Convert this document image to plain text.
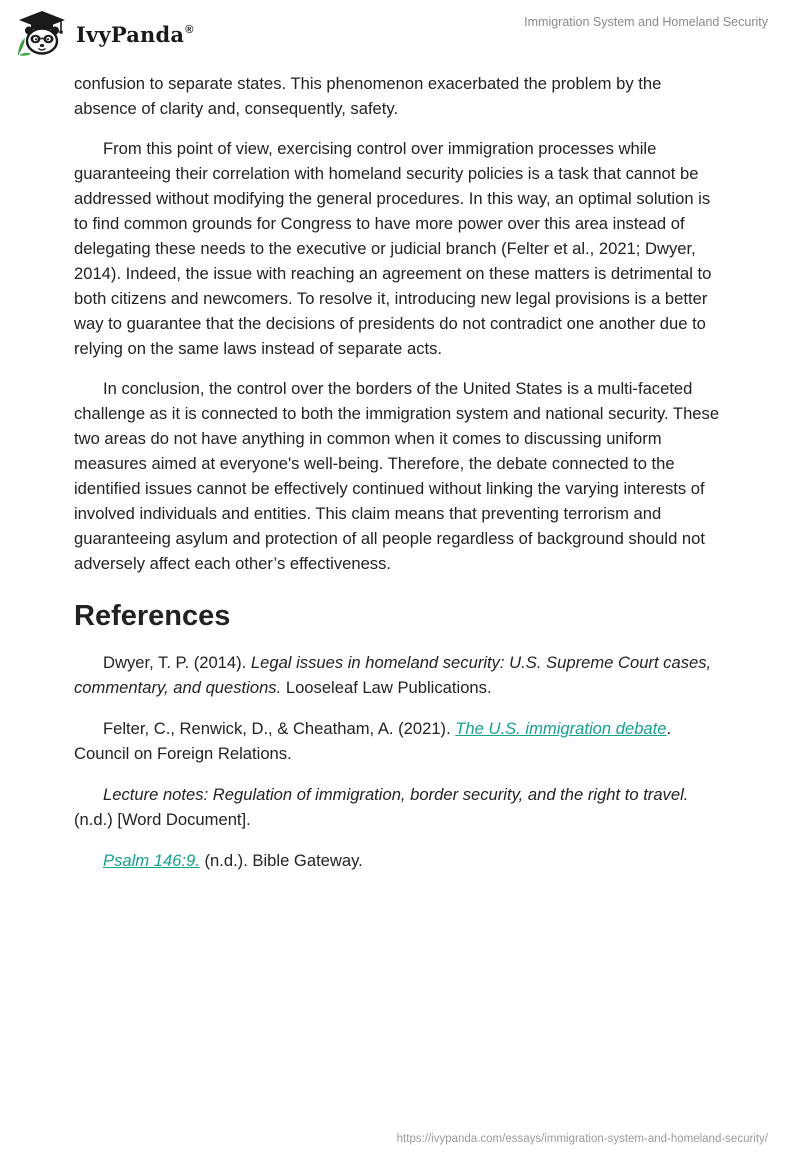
IvyPanda®
Immigration System and Homeland Security

confusion to separate states. This phenomenon exacerbated the problem by the absence of clarity and, consequently, safety.

From this point of view, exercising control over immigration processes while guaranteeing their correlation with homeland security policies is a task that cannot be addressed without modifying the general procedures. In this way, an optimal solution is to find common grounds for Congress to have more power over this area instead of delegating these needs to the executive or judicial branch (Felter et al., 2021; Dwyer, 2014). Indeed, the issue with reaching an agreement on these matters is detrimental to both citizens and newcomers. To resolve it, introducing new legal provisions is a better way to guarantee that the decisions of presidents do not contradict one another due to relying on the same laws instead of separate acts.

In conclusion, the control over the borders of the United States is a multi-faceted challenge as it is connected to both the immigration system and national security. These two areas do not have anything in common when it comes to discussing uniform measures aimed at everyone's well-being. Therefore, the debate connected to the identified issues cannot be effectively continued without linking the varying interests of involved individuals and entities. This claim means that preventing terrorism and guaranteeing asylum and protection of all people regardless of background should not adversely affect each other’s effectiveness.

References

Dwyer, T. P. (2014). Legal issues in homeland security: U.S. Supreme Court cases, commentary, and questions. Looseleaf Law Publications.

Felter, C., Renwick, D., & Cheatham, A. (2021). The U.S. immigration debate. Council on Foreign Relations.

Lecture notes: Regulation of immigration, border security, and the right to travel. (n.d.) [Word Document].

Psalm 146:9. (n.d.). Bible Gateway.

https://ivypanda.com/essays/immigration-system-and-homeland-security/
